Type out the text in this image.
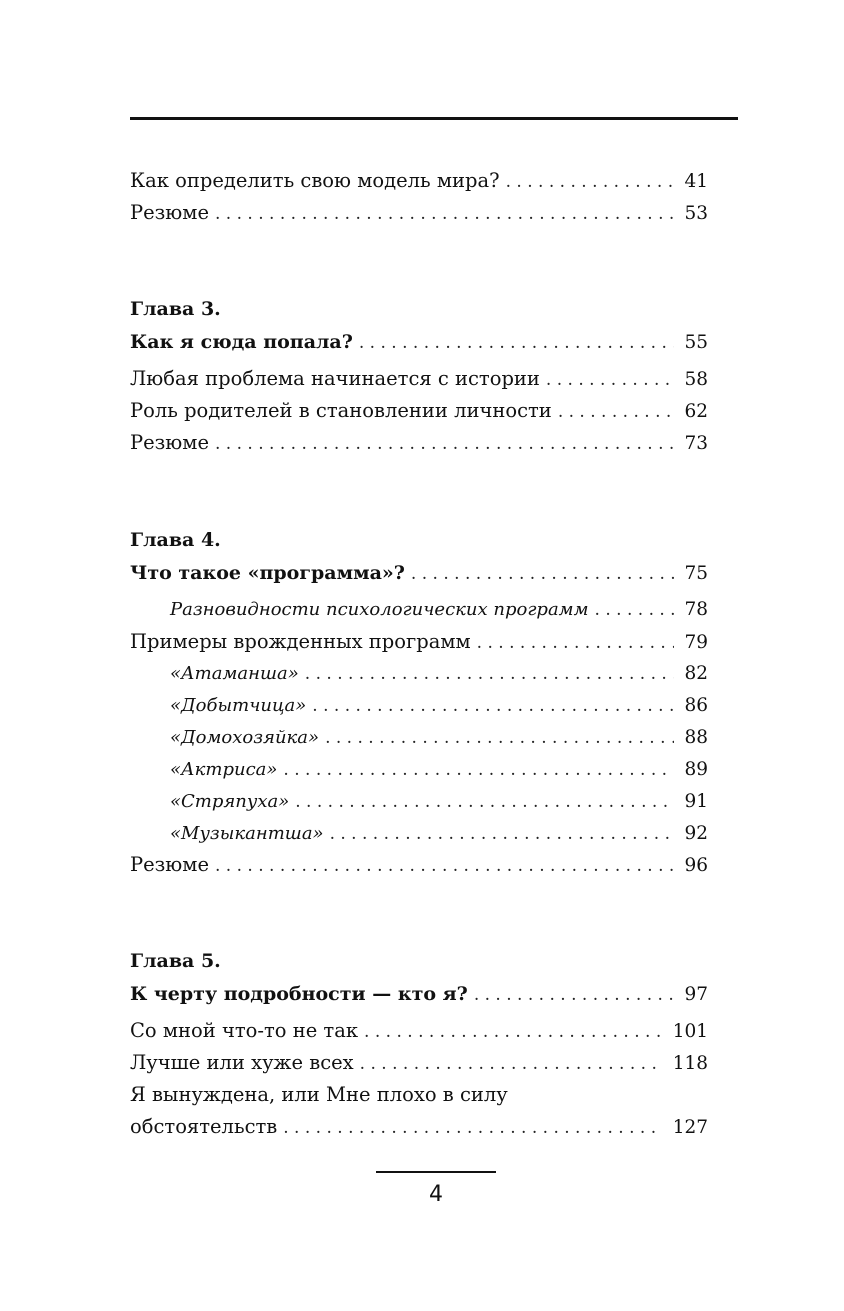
Как определить свою модель мира? . . .	41
Резюме . . .	53
Глава 3.
Как я сюда попала? . . .	55
Любая проблема начинается с истории . . .	58
Роль родителей в становлении личности . . .	62
Резюме . . .	73
Глава 4.
Что такое «программа»? . . .	75
Разновидности психологических программ . . .	78
Примеры врожденных программ . . .	79
«Атаманша» . . .	82
«Добытчица» . . .	86
«Домохозяйка» . . .	88
«Актриса» . . .	89
«Стряпуха» . . .	91
«Музыкантша» . . .	92
Резюме . . .	96
Глава 5.
К черту подробности — кто я? . . .	97
Со мной что-то не так . . .	101
Лучше или хуже всех . . .	118
Я вынуждена, или Мне плохо в силу
обстоятельств . . .	127
4
